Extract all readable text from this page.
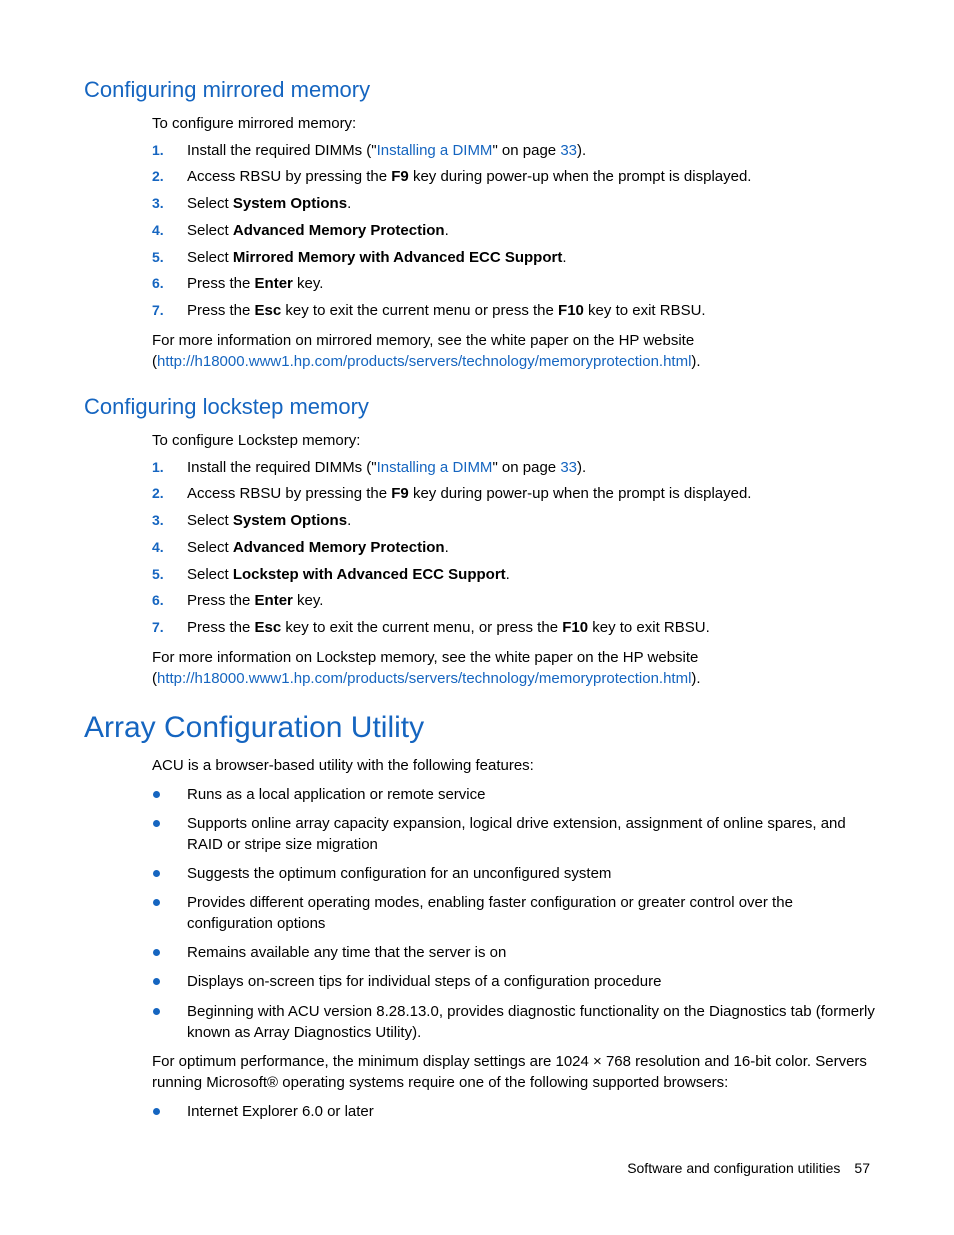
Configuring mirrored memory

To configure mirrored memory:

1. Install the required DIMMs ("Installing a DIMM" on page 33).
2. Access RBSU by pressing the F9 key during power-up when the prompt is displayed.
3. Select System Options.
4. Select Advanced Memory Protection.
5. Select Mirrored Memory with Advanced ECC Support.
6. Press the Enter key.
7. Press the Esc key to exit the current menu or press the F10 key to exit RBSU.

For more information on mirrored memory, see the white paper on the HP website
(http://h18000.www1.hp.com/products/servers/technology/memoryprotection.html).

Configuring lockstep memory

To configure Lockstep memory:

1. Install the required DIMMs ("Installing a DIMM" on page 33).
2. Access RBSU by pressing the F9 key during power-up when the prompt is displayed.
3. Select System Options.
4. Select Advanced Memory Protection.
5. Select Lockstep with Advanced ECC Support.
6. Press the Enter key.
7. Press the Esc key to exit the current menu, or press the F10 key to exit RBSU.

For more information on Lockstep memory, see the white paper on the HP website
(http://h18000.www1.hp.com/products/servers/technology/memoryprotection.html).

Array Configuration Utility

ACU is a browser-based utility with the following features:

Runs as a local application or remote service
Supports online array capacity expansion, logical drive extension, assignment of online spares, and RAID or stripe size migration
Suggests the optimum configuration for an unconfigured system
Provides different operating modes, enabling faster configuration or greater control over the configuration options
Remains available any time that the server is on
Displays on-screen tips for individual steps of a configuration procedure
Beginning with ACU version 8.28.13.0, provides diagnostic functionality on the Diagnostics tab (formerly known as Array Diagnostics Utility).

For optimum performance, the minimum display settings are 1024 × 768 resolution and 16-bit color. Servers
running Microsoft® operating systems require one of the following supported browsers:

Internet Explorer 6.0 or later
Software and configuration utilities 57
